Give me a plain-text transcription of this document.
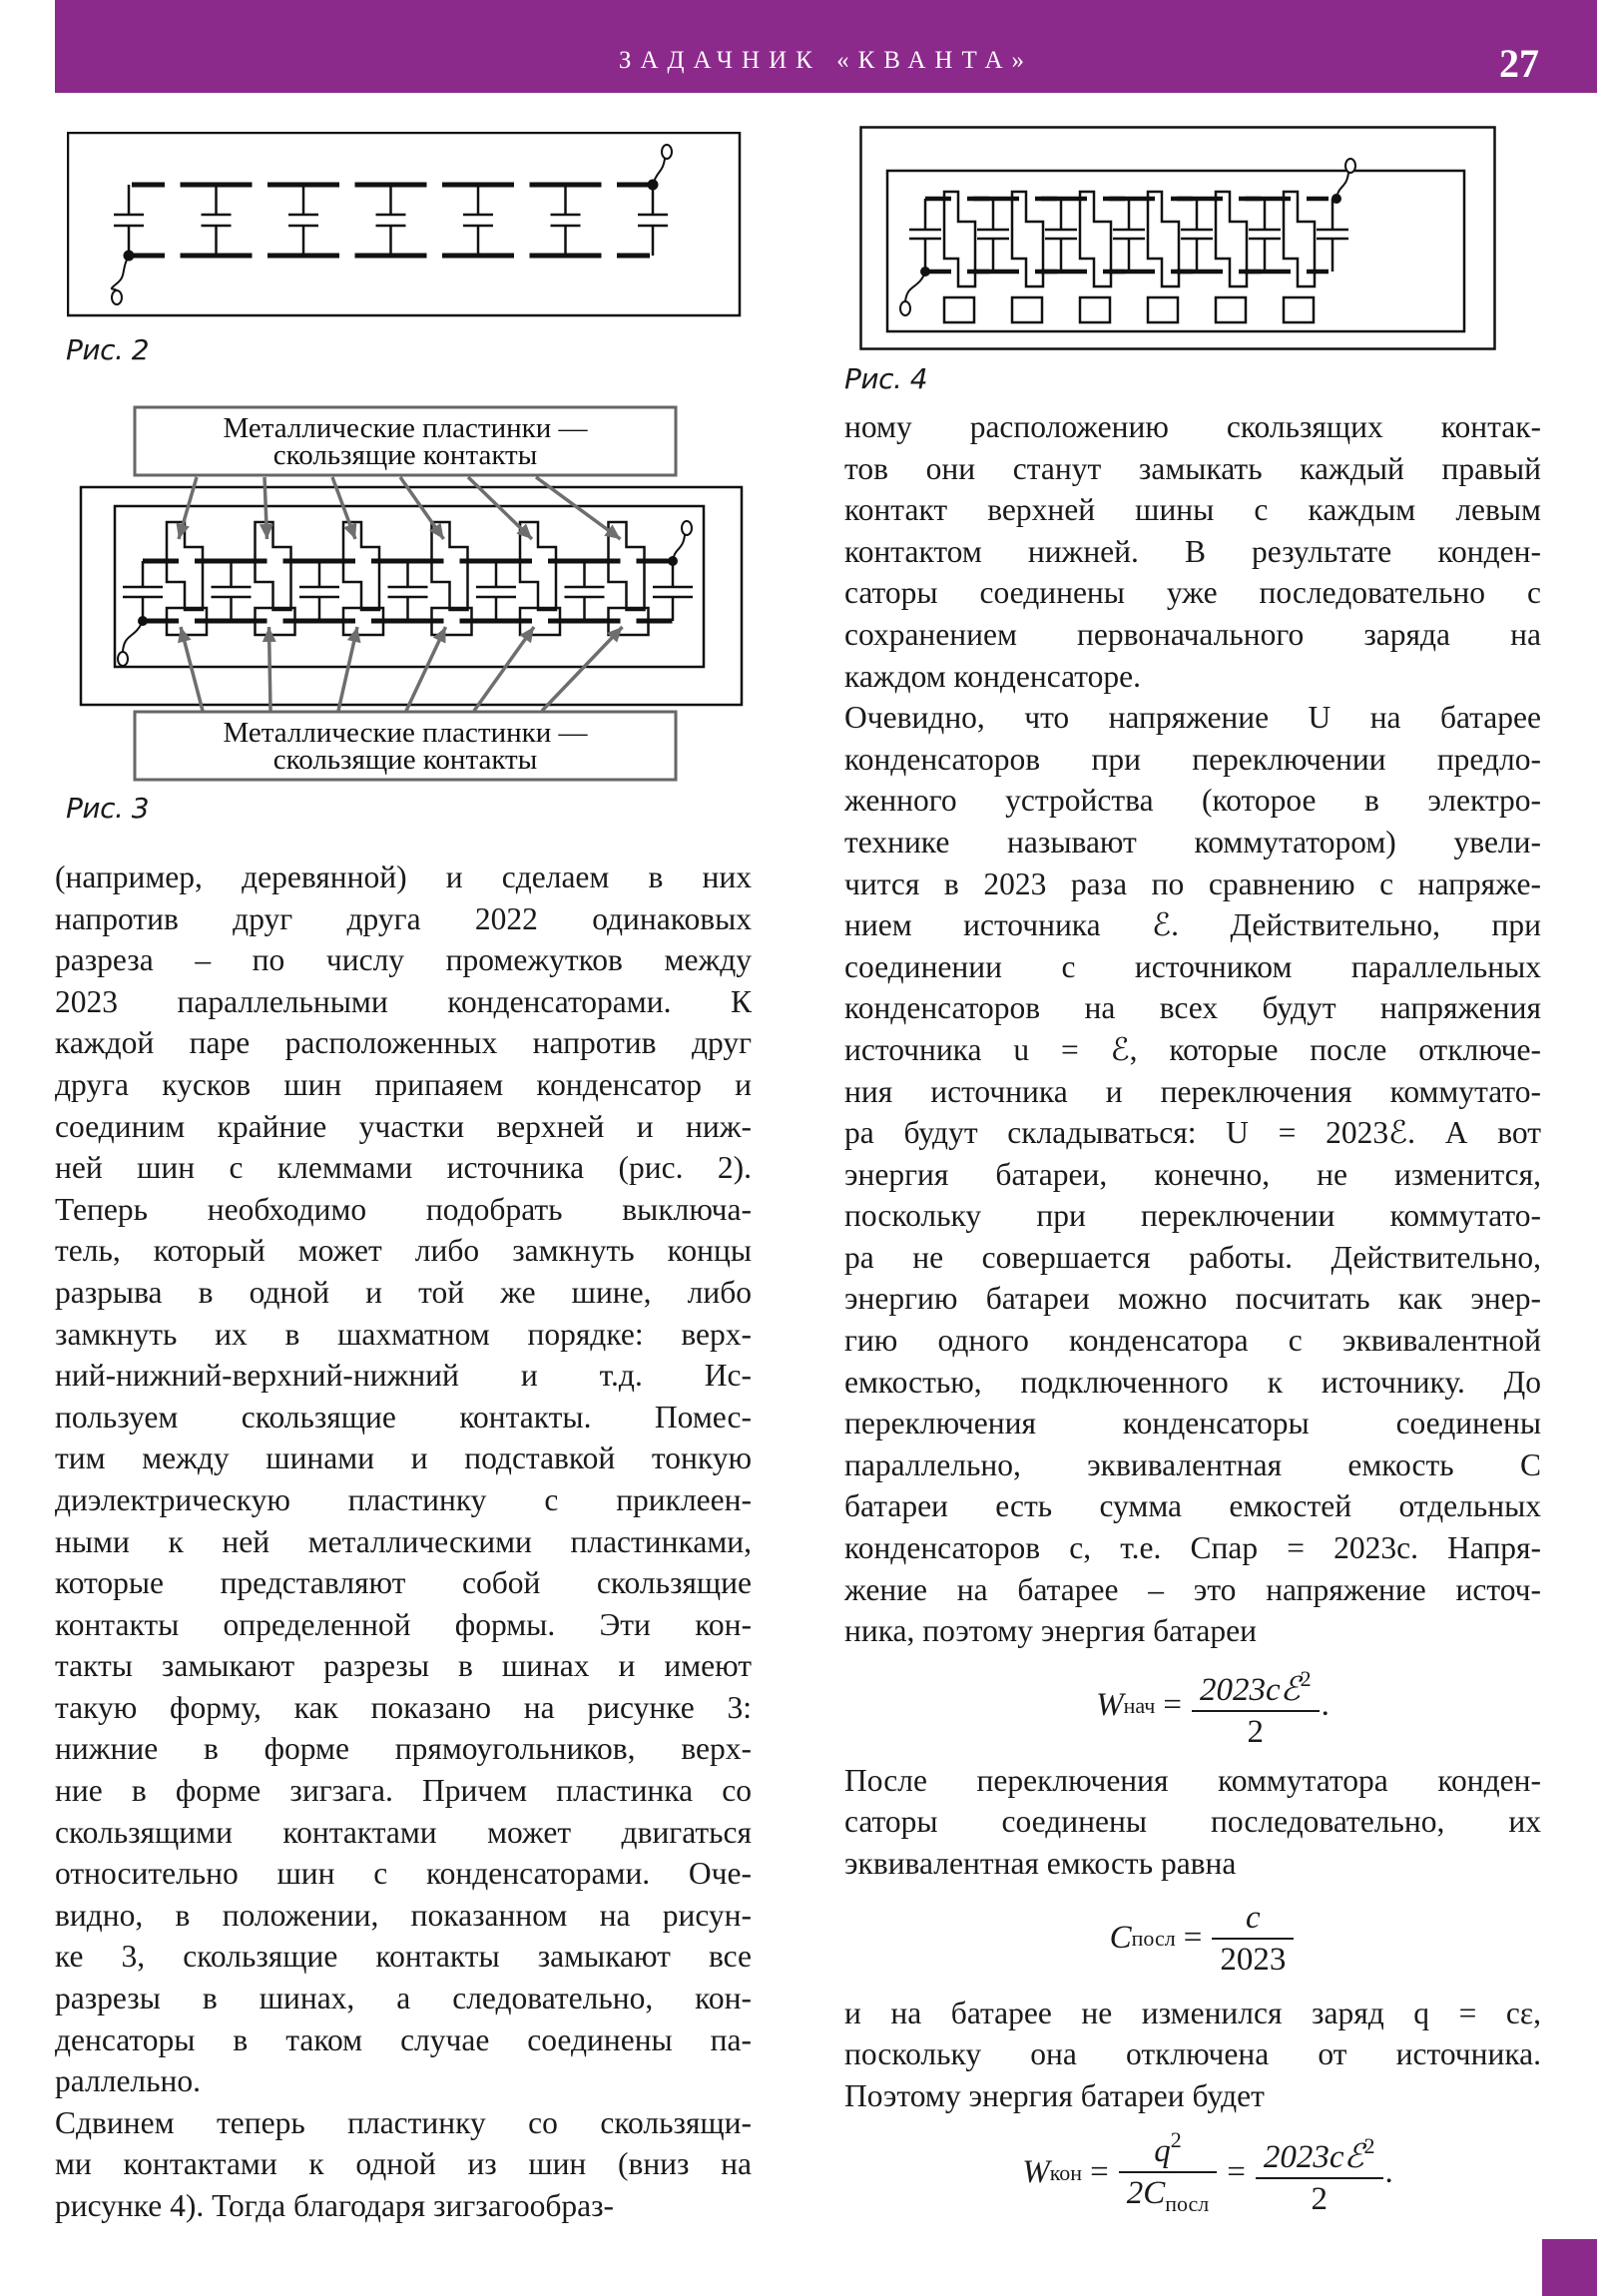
ЗАДАЧНИК «КВАНТА»	27
Рис. 2
Металлические пластинки —
скользящие контакты
Металлические пластинки —
скользящие контакты
Рис. 3
Рис. 4
(например, деревянной) и сделаем в них
напротив друг друга 2022 одинаковых
разреза – по числу промежутков между
2023 параллельными конденсаторами. К
каждой паре расположенных напротив друг
друга кусков шин припаяем конденсатор и
соединим крайние участки верхней и ниж-
ней шин с клеммами источника (рис. 2).
Теперь необходимо подобрать выключа-
тель, который может либо замкнуть концы
разрыва в одной и той же шине, либо
замкнуть их в шахматном порядке: верх-
ний-нижний-верхний-нижний и т.д. Ис-
пользуем скользящие контакты. Помес-
тим между шинами и подставкой тонкую
диэлектрическую пластинку с приклеен-
ными к ней металлическими пластинками,
которые представляют собой скользящие
контакты определенной формы. Эти кон-
такты замыкают разрезы в шинах и имеют
такую форму, как показано на рисунке 3:
нижние в форме прямоугольников, верх-
ние в форме зигзага. Причем пластинка со
скользящими контактами может двигаться
относительно шин с конденсаторами. Оче-
видно, в положении, показанном на рисун-
ке 3, скользящие контакты замыкают все
разрезы в шинах, а следовательно, кон-
денсаторы в таком случае соединены па-
раллельно.
Сдвинем теперь пластинку со скользящи-
ми контактами к одной из шин (вниз на
рисунке 4). Тогда благодаря зигзагообраз-
ному расположению скользящих контак-
тов они станут замыкать каждый правый
контакт верхней шины с каждым левым
контактом нижней. В результате конден-
саторы соединены уже последовательно с
сохранением первоначального заряда на
каждом конденсаторе.
Очевидно, что напряжение U на батарее
конденсаторов при переключении предло-
женного устройства (которое в электро-
технике называют коммутатором) увели-
чится в 2023 раза по сравнению с напряже-
нием источника ℰ. Действительно, при
соединении с источником параллельных
конденсаторов на всех будут напряжения
источника u = ℰ, которые после отключе-
ния источника и переключения коммутато-
ра будут складываться: U = 2023ℰ. А вот
энергия батареи, конечно, не изменится,
поскольку при переключении коммутато-
ра не совершается работы. Действительно,
энергию батареи можно посчитать как энер-
гию одного конденсатора с эквивалентной
емкостью, подключенного к источнику. До
переключения конденсаторы соединены
параллельно, эквивалентная емкость C
батареи есть сумма емкостей отдельных
конденсаторов c, т.е. Cпар = 2023c. Напря-
жение на батарее – это напряжение источ-
ника, поэтому энергия батареи
W нач = $\frac{2023cℰ^2}{2}$ .
После переключения коммутатора конден-
саторы соединены последовательно, их
эквивалентная емкость равна
C посл = $\frac{c}{2023}$
и на батарее не изменился заряд q = cε,
поскольку она отключена от источника.
Поэтому энергия батареи будет
W кон = $\frac{q^2}{2C_{посл}} = \frac{2023cℰ^2}{2}$ .
